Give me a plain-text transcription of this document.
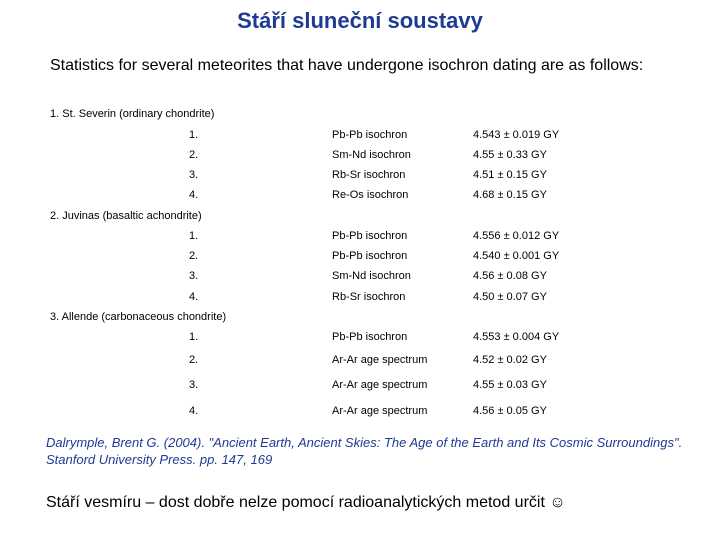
Stáří sluneční soustavy
Statistics for several meteorites that have undergone isochron dating are as follows:
1. St. Severin (ordinary chondrite)
1.	Pb-Pb isochron	4.543 ± 0.019 GY
2.	Sm-Nd isochron	4.55 ± 0.33 GY
3.	Rb-Sr isochron	4.51 ± 0.15 GY
4.	Re-Os isochron	4.68 ± 0.15 GY
2. Juvinas (basaltic achondrite)
1.	Pb-Pb isochron	4.556 ± 0.012 GY
2.	Pb-Pb isochron	4.540 ± 0.001 GY
3.	Sm-Nd isochron	4.56 ± 0.08 GY
4.	Rb-Sr isochron	4.50 ± 0.07 GY
3. Allende (carbonaceous chondrite)
1.	Pb-Pb isochron	4.553 ± 0.004 GY
2.	Ar-Ar age spectrum	4.52 ± 0.02 GY
3.	Ar-Ar age spectrum	4.55 ± 0.03 GY
4.	Ar-Ar age spectrum	4.56 ± 0.05 GY
Dalrymple, Brent G. (2004). "Ancient Earth, Ancient Skies: The Age of the Earth and Its Cosmic Surroundings". Stanford University Press. pp. 147, 169
Stáří vesmíru – dost dobře nelze pomocí radioanalytických metod určit ☺
